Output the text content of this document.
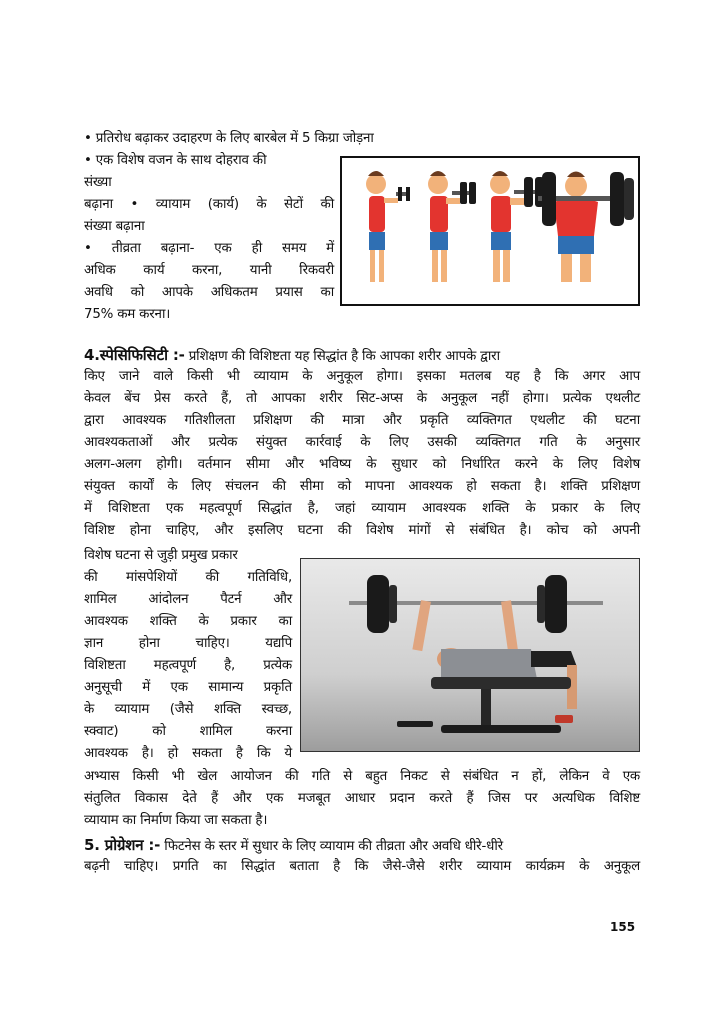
• प्रतिरोध बढ़ाकर उदाहरण के लिए बारबेल में 5 किग्रा जोड़ना
• एक विशेष वजन के साथ दोहराव की
संख्या
बढ़ाना • व्यायाम (कार्य) के सेटों की
संख्या बढ़ाना
• तीव्रता बढ़ाना- एक ही समय में
अधिक कार्य करना, यानी रिकवरी
अवधि को आपके अधिकतम प्रयास का
75% कम करना।
4.स्पेसिफिसिटी :- प्रशिक्षण की विशिष्टता यह सिद्धांत है कि आपका शरीर आपके द्वारा
किए जाने वाले किसी भी व्यायाम के अनुकूल होगा। इसका मतलब यह है कि अगर आप
केवल बेंच प्रेस करते हैं, तो आपका शरीर सिट-अप्स के अनुकूल नहीं होगा। प्रत्येक एथलीट
द्वारा आवश्यक गतिशीलता प्रशिक्षण की मात्रा और प्रकृति व्यक्तिगत एथलीट की घटना
आवश्यकताओं और प्रत्येक संयुक्त कार्रवाई के लिए उसकी व्यक्तिगत गति के अनुसार
अलग-अलग होगी। वर्तमान सीमा और भविष्य के सुधार को निर्धारित करने के लिए विशेष
संयुक्त कार्यों के लिए संचलन की सीमा को मापना आवश्यक हो सकता है। शक्ति प्रशिक्षण
में विशिष्टता एक महत्वपूर्ण सिद्धांत है, जहां व्यायाम आवश्यक शक्ति के प्रकार के लिए
विशिष्ट होना चाहिए, और इसलिए घटना की विशेष मांगों से संबंधित है। कोच को अपनी
विशेष घटना से जुड़ी प्रमुख प्रकार
की मांसपेशियों की गतिविधि,
शामिल आंदोलन पैटर्न और
आवश्यक शक्ति के प्रकार का
ज्ञान होना चाहिए। यद्यपि
विशिष्टता महत्वपूर्ण है, प्रत्येक
अनुसूची में एक सामान्य प्रकृति
के व्यायाम (जैसे शक्ति स्वच्छ,
स्क्वाट) को शामिल करना
आवश्यक है। हो सकता है कि ये
अभ्यास किसी भी खेल आयोजन की गति से बहुत निकट से संबंधित न हों, लेकिन वे एक
संतुलित विकास देते हैं और एक मजबूत आधार प्रदान करते हैं जिस पर अत्यधिक विशिष्ट
व्यायाम का निर्माण किया जा सकता है।
5. प्रोग्रेशन :- फिटनेस के स्तर में सुधार के लिए व्यायाम की तीव्रता और अवधि धीरे-धीरे
बढ़नी चाहिए। प्रगति का सिद्धांत बताता है कि जैसे-जैसे शरीर व्यायाम कार्यक्रम के अनुकूल
155
